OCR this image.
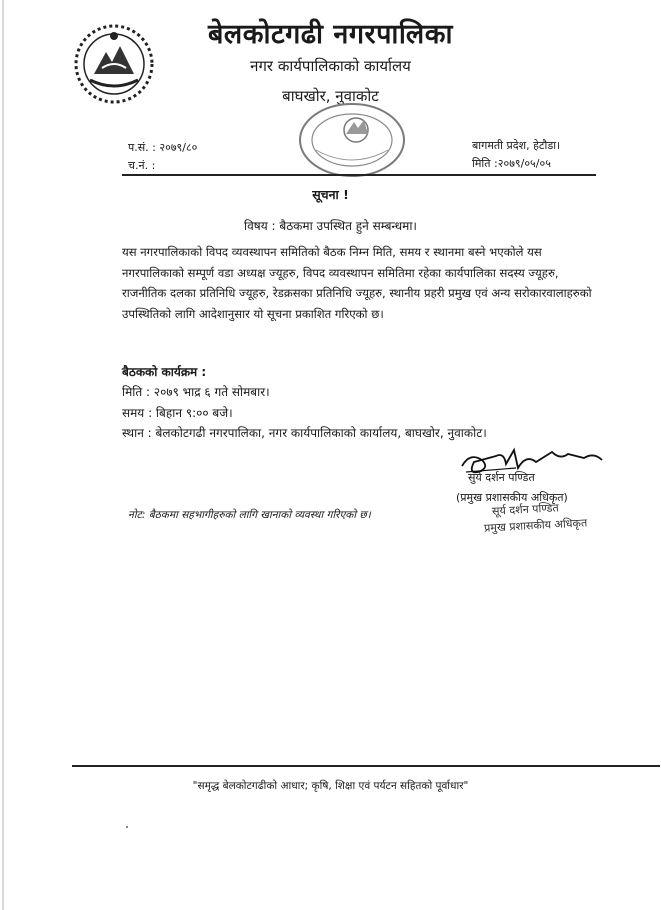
बेलकोटगढी नगरपालिका
नगर कार्यपालिकाको कार्यालय
बाघखोर, नुवाकोट
प.सं. : २०७९/८०
च.नं. :
बागमती प्रदेश, हेटौडा।
मिति :२०७९/०५/०५
सूचना !
विषय : बैठकमा उपस्थित हुने सम्बन्धमा।
यस नगरपालिकाको विपद व्यवस्थापन समितिको बैठक निम्न मिति, समय र स्थानमा बस्ने भएकोले यस नगरपालिकाको सम्पूर्ण वडा अध्यक्ष ज्यूहरु, विपद व्यवस्थापन समितिमा रहेका कार्यपालिका सदस्य ज्यूहरु, राजनीतिक दलका प्रतिनिधि ज्यूहरु, रेडक्रसका प्रतिनिधि ज्यूहरु, स्थानीय प्रहरी प्रमुख एवं अन्य सरोकारवालाहरुको उपस्थितिको लागि आदेशानुसार यो सूचना प्रकाशित गरिएको छ।
बैठकको कार्यक्रम :
मिति : २०७९ भाद्र ६ गते सोमबार।
समय : बिहान ९:०० बजे।
स्थान : बेलकोटगढी नगरपालिका, नगर कार्यपालिकाको कार्यालय, बाघखोर, नुवाकोट।
सुर्य दर्शन पण्डित
(प्रमुख प्रशासकीय अधिकृत)
सूर्य दर्शन पण्डित
प्रमुख प्रशासकीय अधिकृत
नोट: बैठकमा सहभागीहरुको लागि खानाको व्यवस्था गरिएको छ।
"समृद्ध बेलकोटगढीको आधार; कृषि, शिक्षा एवं पर्यटन सहितको पूर्वाधार"
